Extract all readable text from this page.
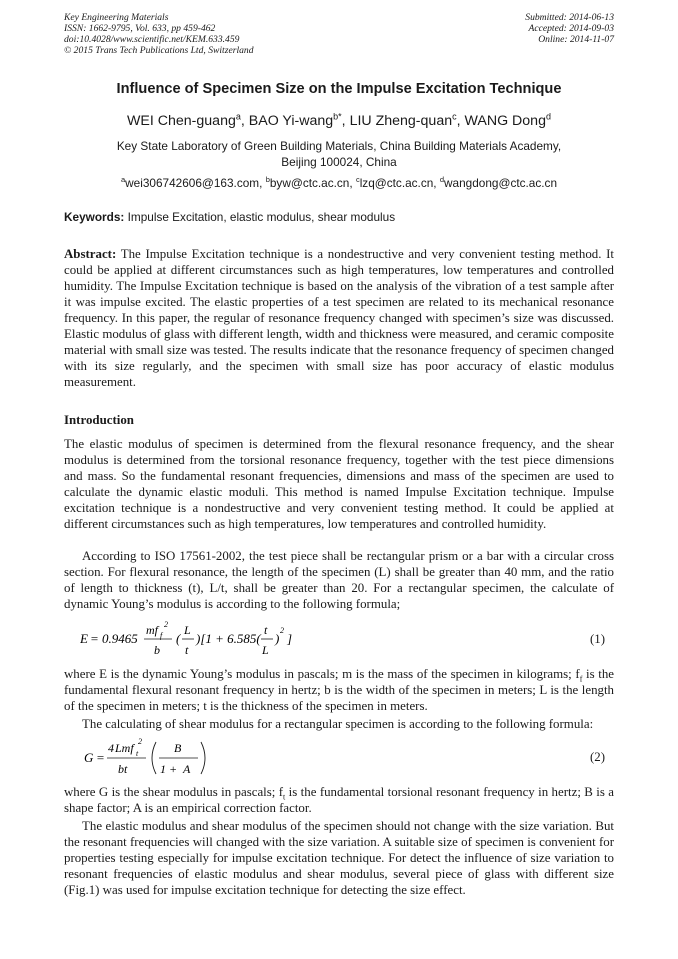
Key Engineering Materials
ISSN: 1662-9795, Vol. 633, pp 459-462
doi:10.4028/www.scientific.net/KEM.633.459
© 2015 Trans Tech Publications Ltd, Switzerland
Submitted: 2014-06-13
Accepted: 2014-09-03
Online: 2014-11-07
Influence of Specimen Size on the Impulse Excitation Technique
WEI Chen-guang$^a$, BAO Yi-wang$^{b*}$, LIU Zheng-quan$^c$, WANG Dong$^d$
Key State Laboratory of Green Building Materials, China Building Materials Academy,
Beijing 100024, China
$^a$wei306742606@163.com, $^b$byw@ctc.ac.cn, $^c$lzq@ctc.ac.cn, $^d$wangdong@ctc.ac.cn
Keywords: Impulse Excitation, elastic modulus, shear modulus
Abstract: The Impulse Excitation technique is a nondestructive and very convenient testing method. It could be applied at different circumstances such as high temperatures, low temperatures and controlled humidity. The Impulse Excitation technique is based on the analysis of the vibration of a test sample after it was impulse excited. The elastic properties of a test specimen are related to its mechanical resonance frequency. In this paper, the regular of resonance frequency changed with specimen’s size was discussed. Elastic modulus of glass with different length, width and thickness were measured, and ceramic composite material with small size was tested. The results indicate that the resonance frequency of specimen changed with its size regularly, and the specimen with small size has poor accuracy of elastic modulus measurement.
Introduction
The elastic modulus of specimen is determined from the flexural resonance frequency, and the shear modulus is determined from the torsional resonance frequency, together with the test piece dimensions and mass. So the fundamental resonant frequencies, dimensions and mass of the specimen are used to calculate the dynamic elastic moduli. This method is named Impulse Excitation technique. Impulse excitation technique is a nondestructive and very convenient testing method. It could be applied at different circumstances such as high temperatures, low temperatures and controlled humidity.
According to ISO 17561-2002, the test piece shall be rectangular prism or a bar with a circular cross section. For flexural resonance, the length of the specimen (L) shall be greater than 40 mm, and the ratio of length to thickness (t), L/t, shall be greater than 20. For a rectangular specimen, the calculate of dynamic Young’s modulus is according to the following formula;
E = 0.9465
mf f
2
b
(
L
t
)[1 + 6.585(
t
L
)
2
]	(1)
where E is the dynamic Young’s modulus in pascals; m is the mass of the specimen in kilograms; $f_f$ is the fundamental flexural resonant frequency in hertz; b is the width of the specimen in meters; L is the length of the specimen in meters; t is the thickness of the specimen in meters.
The calculating of shear modulus for a rectangular specimen is according to the following formula:
G =
4 Lmf t
2
bt
B
1 + A
(2)
where G is the shear modulus in pascals; $f_t$ is the fundamental torsional resonant frequency in hertz; B is a shape factor; A is an empirical correction factor.
The elastic modulus and shear modulus of the specimen should not change with the size variation. But the resonant frequencies will changed with the size variation. A suitable size of specimen is convenient for properties testing especially for impulse excitation technique. For detect the influence of size variation to resonant frequencies of elastic modulus and shear modulus, several piece of glass with different size (Fig.1) was used for impulse excitation technique for detecting the size effect.
